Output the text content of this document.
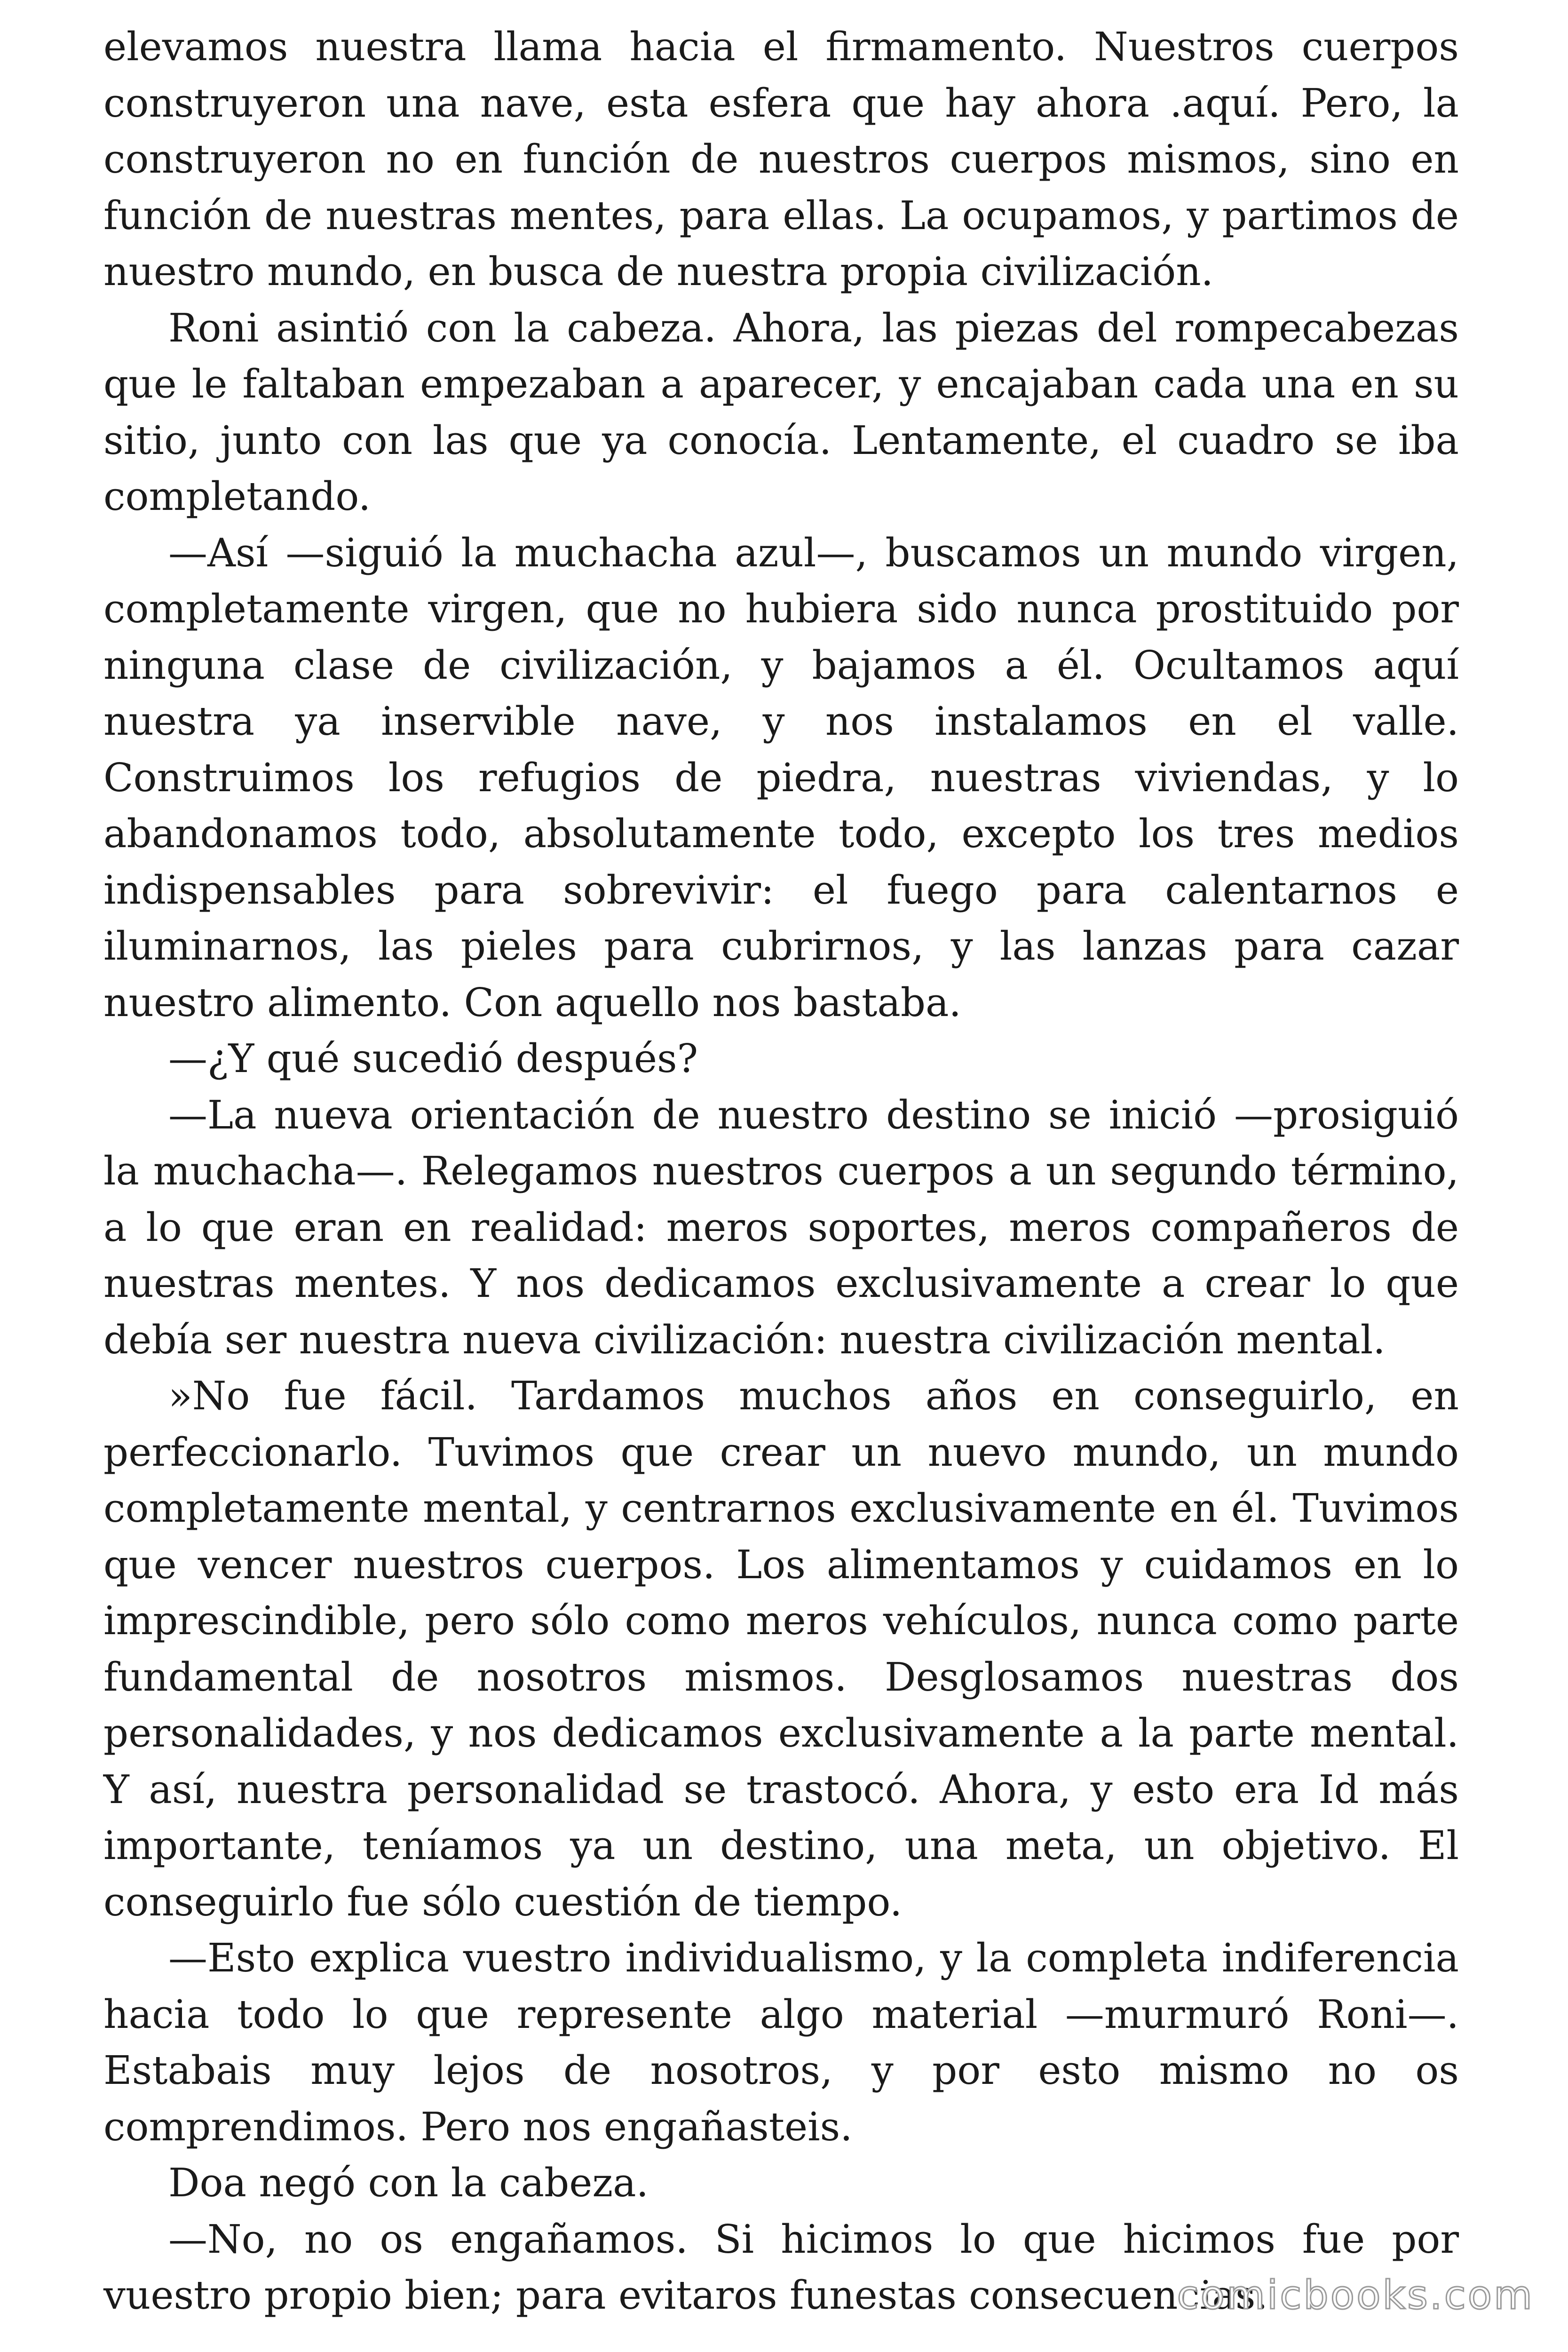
elevamos nuestra llama hacia el firmamento. Nuestros cuerpos construyeron una nave, esta esfera que hay ahora .aquí. Pero, la construyeron no en función de nuestros cuerpos mismos, sino en función de nuestras mentes, para ellas. La ocupamos, y partimos de nuestro mundo, en busca de nuestra propia civilización.

Roni asintió con la cabeza. Ahora, las piezas del rompecabezas que le faltaban empezaban a aparecer, y encajaban cada una en su sitio, junto con las que ya conocía. Lentamente, el cuadro se iba completando.

—Así —siguió la muchacha azul—, buscamos un mundo virgen, completamente virgen, que no hubiera sido nunca prostituido por ninguna clase de civilización, y bajamos a él. Ocultamos aquí nuestra ya inservible nave, y nos instalamos en el valle. Construimos los refugios de piedra, nuestras viviendas, y lo abandonamos todo, absolutamente todo, excepto los tres medios indispensables para sobrevivir: el fuego para calentarnos e iluminarnos, las pieles para cubrirnos, y las lanzas para cazar nuestro alimento. Con aquello nos bastaba.

—¿Y qué sucedió después?

—La nueva orientación de nuestro destino se inició —prosiguió la muchacha—. Relegamos nuestros cuerpos a un segundo término, a lo que eran en realidad: meros soportes, meros compañeros de nuestras mentes. Y nos dedicamos exclusivamente a crear lo que debía ser nuestra nueva civilización: nuestra civilización mental.

»No fue fácil. Tardamos muchos años en conseguirlo, en perfeccionarlo. Tuvimos que crear un nuevo mundo, un mundo completamente mental, y centrarnos exclusivamente en él. Tuvimos que vencer nuestros cuerpos. Los alimentamos y cuidamos en lo imprescindible, pero sólo como meros vehículos, nunca como parte fundamental de nosotros mismos. Desglosamos nuestras dos personalidades, y nos dedicamos exclusivamente a la parte mental. Y así, nuestra personalidad se trastocó. Ahora, y esto era Id más importante, teníamos ya un destino, una meta, un objetivo. El conseguirlo fue sólo cuestión de tiempo.

—Esto explica vuestro individualismo, y la completa indiferencia hacia todo lo que represente algo material —murmuró Roni—. Estabais muy lejos de nosotros, y por esto mismo no os comprendimos. Pero nos engañasteis.

Doa negó con la cabeza.

—No, no os engañamos. Si hicimos lo que hicimos fue por vuestro propio bien; para evitaros funestas consecuencias.

comicbooks.com
